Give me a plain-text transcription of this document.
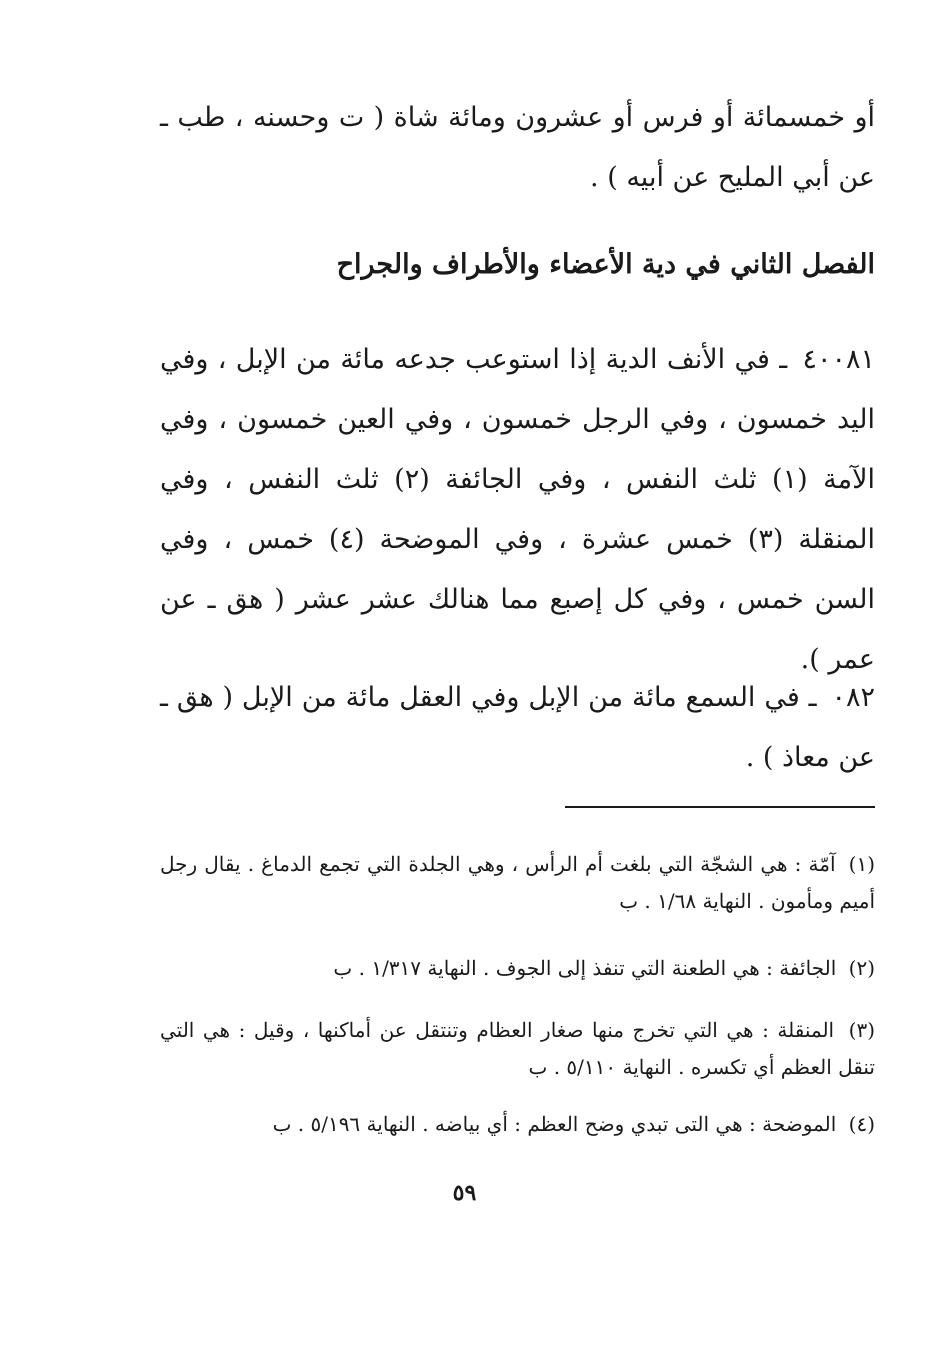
أو خمسمائة أو فرس أو عشرون ومائة شاة ( ت وحسنه ، طب ـ عن أبي المليح عن أبيه ) .
الفصل الثاني في دية الأعضاء والأطراف والجراح
٤٠٠٨١ ـ في الأنف الدية إذا استوعب جدعه مائة من الإبل ، وفي اليد خمسون ، وفي الرجل خمسون ، وفي العين خمسون ، وفي الآمة (١) ثلث النفس ، وفي الجائفة (٢) ثلث النفس ، وفي المنقلة (٣) خمس عشرة ، وفي الموضحة (٤) خمس ، وفي السن خمس ، وفي كل إصبع مما هنالك عشر عشر ( هق ـ عن عمر ).
٠٨٢ ـ في السمع مائة من الإبل وفي العقل مائة من الإبل ( هق ـ عن معاذ ) .
(١) آمّة : هي الشجّة التي بلغت أم الرأس ، وهي الجلدة التي تجمع الدماغ . يقال رجل أميم ومأمون . النهاية ١/٦٨ . ب
(٢) الجائفة : هي الطعنة التي تنفذ إلى الجوف . النهاية ١/٣١٧ . ب
(٣) المنقلة : هي التي تخرج منها صغار العظام وتنتقل عن أماكنها ، وقيل : هي التي تنقل العظم أي تكسره . النهاية ٥/١١٠ . ب
(٤) الموضحة : هي التى تبدي وضح العظم : أي بياضه . النهاية ٥/١٩٦ . ب
٥٩
